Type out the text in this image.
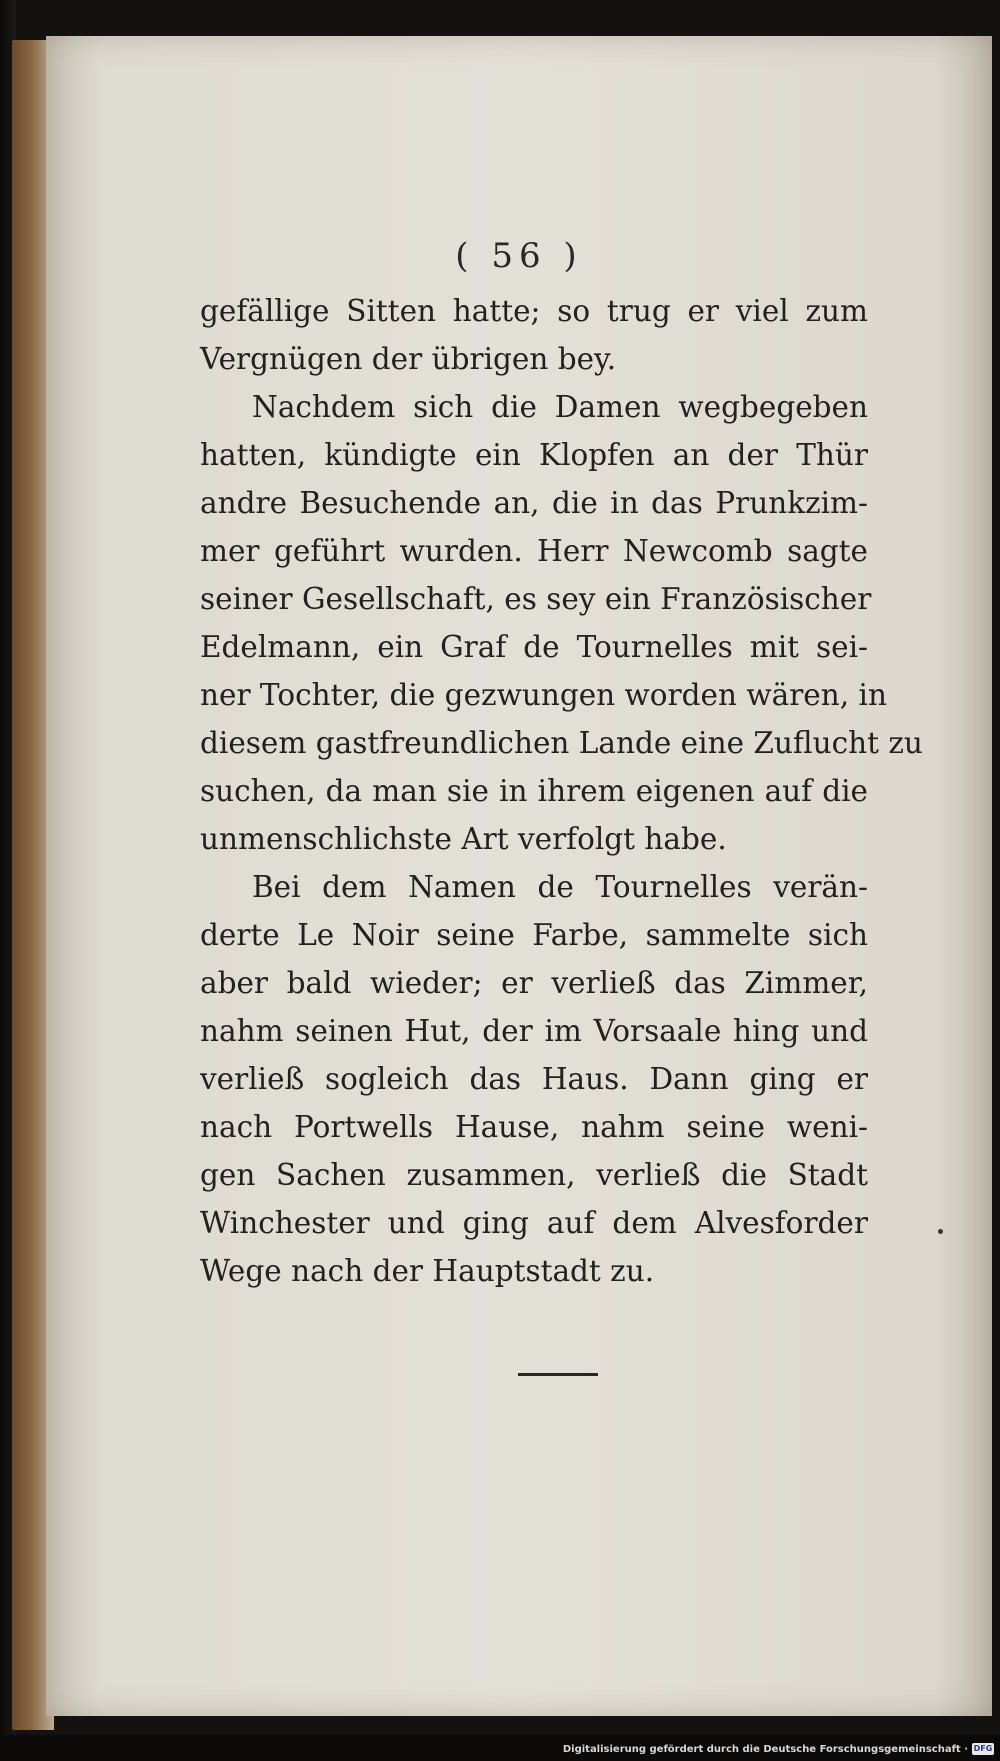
( 56 )
gefällige Sitten hatte; so trug er viel zum
Vergnügen der übrigen bey.
Nachdem sich die Damen wegbegeben
hatten, kündigte ein Klopfen an der Thür
andre Besuchende an, die in das Prunkzim-
mer geführt wurden. Herr Newcomb sagte
seiner Gesellschaft, es sey ein Französischer
Edelmann, ein Graf de Tournelles mit sei-
ner Tochter, die gezwungen worden wären, in
diesem gastfreundlichen Lande eine Zuflucht zu
suchen, da man sie in ihrem eigenen auf die
unmenschlichste Art verfolgt habe.
Bei dem Namen de Tournelles verän-
derte Le Noir seine Farbe, sammelte sich
aber bald wieder; er verließ das Zimmer,
nahm seinen Hut, der im Vorsaale hing und
verließ sogleich das Haus. Dann ging er
nach Portwells Hause, nahm seine weni-
gen Sachen zusammen, verließ die Stadt
Winchester und ging auf dem Alvesforder
Wege nach der Hauptstadt zu.
Digitalisierung gefördert durch die Deutsche Forschungsgemeinschaft · DFG
